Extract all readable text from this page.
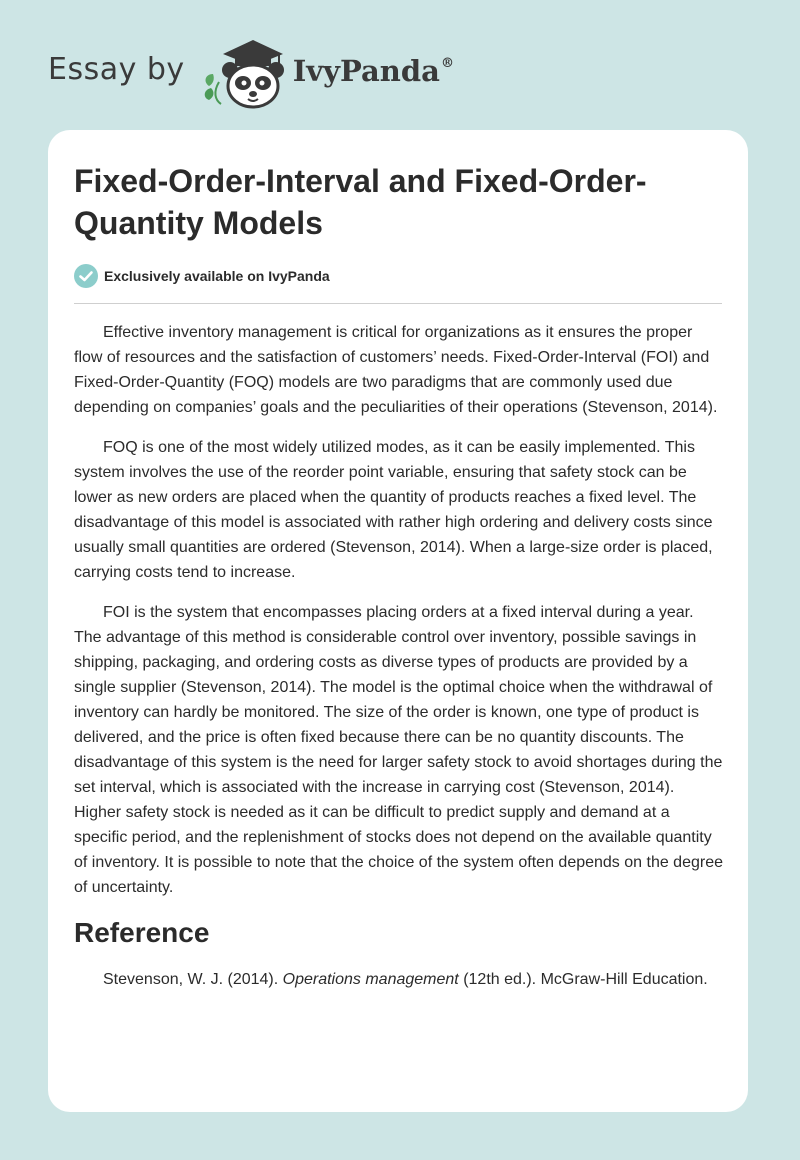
Essay by	IvyPanda®
Fixed-Order-Interval and Fixed-Order-Quantity Models
Exclusively available on IvyPanda

Effective inventory management is critical for organizations as it ensures the proper flow of resources and the satisfaction of customers’ needs. Fixed-Order-Interval (FOI) and Fixed-Order-Quantity (FOQ) models are two paradigms that are commonly used due depending on companies’ goals and the peculiarities of their operations (Stevenson, 2014).

FOQ is one of the most widely utilized modes, as it can be easily implemented. This system involves the use of the reorder point variable, ensuring that safety stock can be lower as new orders are placed when the quantity of products reaches a fixed level. The disadvantage of this model is associated with rather high ordering and delivery costs since usually small quantities are ordered (Stevenson, 2014). When a large-size order is placed, carrying costs tend to increase.

FOI is the system that encompasses placing orders at a fixed interval during a year. The advantage of this method is considerable control over inventory, possible savings in shipping, packaging, and ordering costs as diverse types of products are provided by a single supplier (Stevenson, 2014). The model is the optimal choice when the withdrawal of inventory can hardly be monitored. The size of the order is known, one type of product is delivered, and the price is often fixed because there can be no quantity discounts. The disadvantage of this system is the need for larger safety stock to avoid shortages during the set interval, which is associated with the increase in carrying cost (Stevenson, 2014). Higher safety stock is needed as it can be difficult to predict supply and demand at a specific period, and the replenishment of stocks does not depend on the available quantity of inventory. It is possible to note that the choice of the system often depends on the degree of uncertainty.

Reference

Stevenson, W. J. (2014). Operations management (12th ed.). McGraw-Hill Education.
